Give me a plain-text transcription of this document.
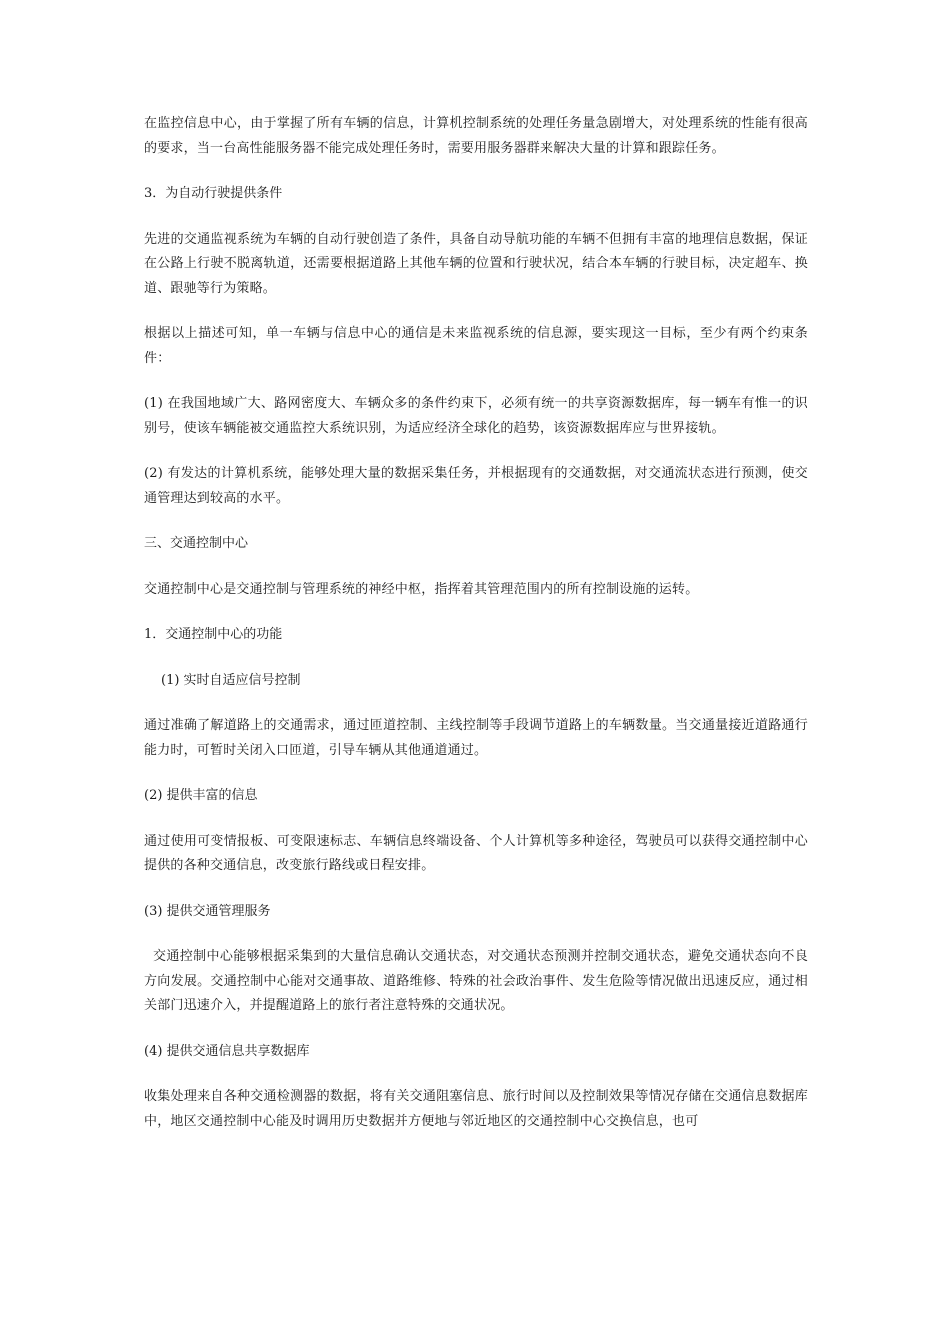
在监控信息中心，由于掌握了所有车辆的信息，计算机控制系统的处理任务量急剧增大，对处理系统的性能有很高的要求，当一台高性能服务器不能完成处理任务时，需要用服务器群来解决大量的计算和跟踪任务。

3．为自动行驶提供条件

先进的交通监视系统为车辆的自动行驶创造了条件，具备自动导航功能的车辆不但拥有丰富的地理信息数据，保证在公路上行驶不脱离轨道，还需要根据道路上其他车辆的位置和行驶状况，结合本车辆的行驶目标，决定超车、换道、跟驰等行为策略。

根据以上描述可知，单一车辆与信息中心的通信是未来监视系统的信息源，要实现这一目标，至少有两个约束条件：

(1) 在我国地域广大、路网密度大、车辆众多的条件约束下，必须有统一的共享资源数据库，每一辆车有惟一的识别号，使该车辆能被交通监控大系统识别，为适应经济全球化的趋势，该资源数据库应与世界接轨。

(2) 有发达的计算机系统，能够处理大量的数据采集任务，并根据现有的交通数据，对交通流状态进行预测，使交通管理达到较高的水平。

三、交通控制中心

交通控制中心是交通控制与管理系统的神经中枢，指挥着其管理范围内的所有控制设施的运转。

1．交通控制中心的功能

(1) 实时自适应信号控制

通过准确了解道路上的交通需求，通过匝道控制、主线控制等手段调节道路上的车辆数量。当交通量接近道路通行能力时，可暂时关闭入口匝道，引导车辆从其他通道通过。

(2) 提供丰富的信息

通过使用可变情报板、可变限速标志、车辆信息终端设备、个人计算机等多种途径，驾驶员可以获得交通控制中心提供的各种交通信息，改变旅行路线或日程安排。

(3) 提供交通管理服务

交通控制中心能够根据采集到的大量信息确认交通状态，对交通状态预测并控制交通状态，避免交通状态向不良方向发展。交通控制中心能对交通事故、道路维修、特殊的社会政治事件、发生危险等情况做出迅速反应，通过相关部门迅速介入，并提醒道路上的旅行者注意特殊的交通状况。

(4) 提供交通信息共享数据库

收集处理来自各种交通检测器的数据，将有关交通阻塞信息、旅行时间以及控制效果等情况存储在交通信息数据库中，地区交通控制中心能及时调用历史数据并方便地与邻近地区的交通控制中心交换信息，也可
